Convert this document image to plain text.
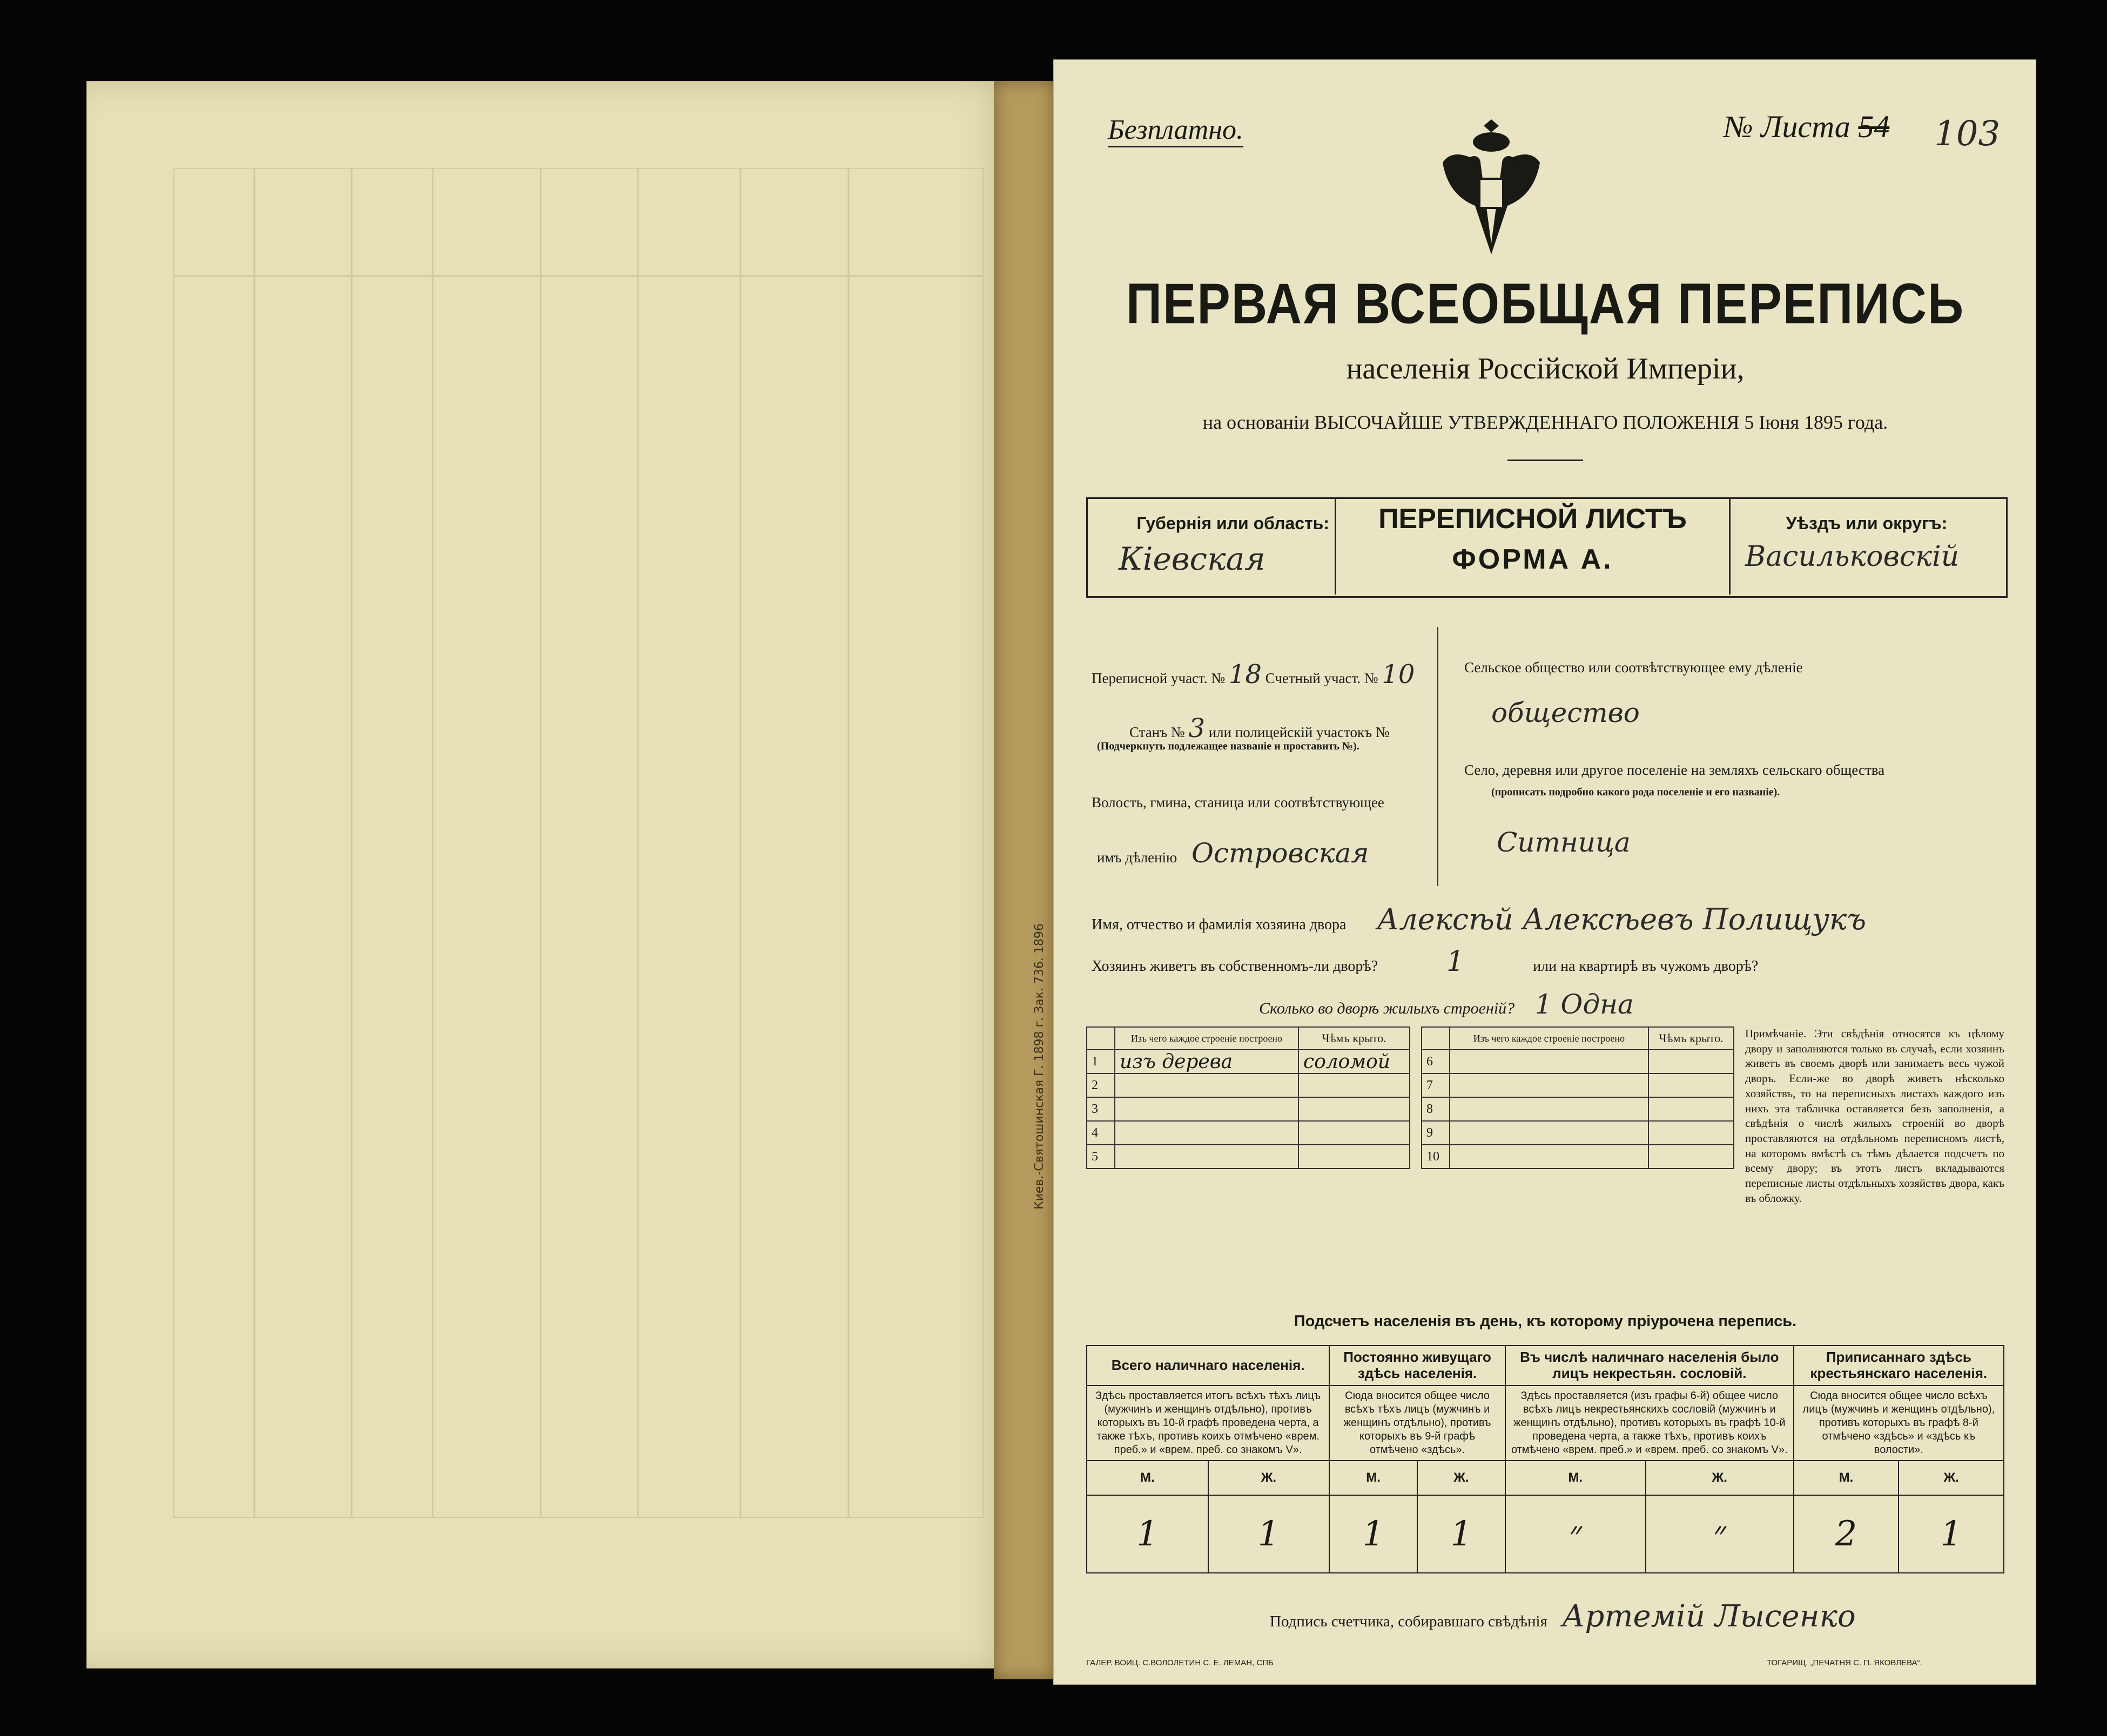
Киев.-Святошинская Г. 1898 г. Зак. 736. 1896
Безплатно.	№ Листа 54 103
ПЕРВАЯ ВСЕОБЩАЯ ПЕРЕПИСЬ
населенія Россійской Имперіи,
на основаніи ВЫСОЧАЙШЕ УТВЕРЖДЕННАГО ПОЛОЖЕНІЯ 5 Іюня 1895 года.
Губернія или область:
Кіевская
ПЕРЕПИСНОЙ ЛИСТЪ
ФОРМА А.
Уѣздъ или округъ:
Васильковскій
Переписной участ. № 18 Счетный участ. № 10
Станъ № 3 или полицейскій участокъ №
(Подчеркнуть подлежащее названіе и проставить №).
Волость, гмина, станица или соотвѣтствующее
имъ дѣленію Островская
Сельское общество или соотвѣтствующее ему дѣленіе
общество
Село, деревня или другое поселеніе на земляхъ сельскаго общества
(прописать подробно какого рода поселеніе и его названіе).
Ситница
Имя, отчество и фамилія хозяина двора Алексѣй Алексѣевъ Полищукъ
Хозяинъ живетъ въ собственномъ-ли дворѣ? 1	или на квартирѣ въ чужомъ дворѣ?
Сколько во дворѣ жилыхъ строеній? 1 Одна
	Изъ чего каждое строеніе построено	Чѣмъ крыто.
1	изъ дерева	соломой
2		
3		
4		
5		
	Изъ чего каждое строеніе построено	Чѣмъ крыто.
6		
7		
8		
9		
10		
Примѣчаніе. Эти свѣдѣнія относятся къ цѣлому двору и заполняются только въ случаѣ, если хозяинъ живетъ въ своемъ дворѣ или занимаетъ весь чужой дворъ. Если-же во дворѣ живетъ нѣсколько хозяйствъ, то на переписныхъ листахъ каждого изъ нихъ эта табличка оставляется безъ заполненія, а свѣдѣнія о числѣ жилыхъ строеній во дворѣ проставляются на отдѣльномъ переписномъ листѣ, на которомъ вмѣстѣ съ тѣмъ дѣлается подсчетъ по всему двору; въ этотъ листъ вкладываются переписные листы отдѣльныхъ хозяйствъ двора, какъ въ обложку.
Подсчетъ населенія въ день, къ которому пріурочена перепись.
Всего наличнаго населенія.		Постоянно живущаго здѣсь населенія.		Въ числѣ наличнаго населенія было лицъ некрестьян. сословій.		Приписаннаго здѣсь крестьянскаго населенія.	
Здѣсь проставляется итогъ всѣхъ тѣхъ лицъ (мужчинъ и женщинъ отдѣльно), противъ которыхъ въ 10-й графѣ проведена черта, а также тѣхъ, противъ коихъ отмѣчено «врем. преб.» и «врем. преб. со знакомъ V».		Сюда вносится общее число всѣхъ тѣхъ лицъ (мужчинъ и женщинъ отдѣльно), противъ которыхъ въ 9-й графѣ отмѣчено «здѣсь».		Здѣсь проставляется (изъ графы 6-й) общее число всѣхъ лицъ некрестьянскихъ сословій (мужчинъ и женщинъ отдѣльно), противъ которыхъ въ графѣ 10-й проведена черта, а также тѣхъ, противъ коихъ отмѣчено «врем. преб.» и «врем. преб. со знакомъ V».		Сюда вносится общее число всѣхъ лицъ (мужчинъ и женщинъ отдѣльно), противъ которыхъ въ графѣ 8-й отмѣчено «здѣсь» и «здѣсь къ волости».	
М.	Ж.	М.	Ж.	М.	Ж.	М.	Ж.
1	1	1	1	״	״	2	1
Подпись счетчика, собиравшаго свѣдѣнія Артемій Лысенко
ГАЛЕР. ВОИЦ. С.ВОЛОЛЕТИН С. Е. ЛЕМАН, СПБ	ТОГАРИЩ. „ПЕЧАТНЯ С. П. ЯКОВЛЕВА“.
